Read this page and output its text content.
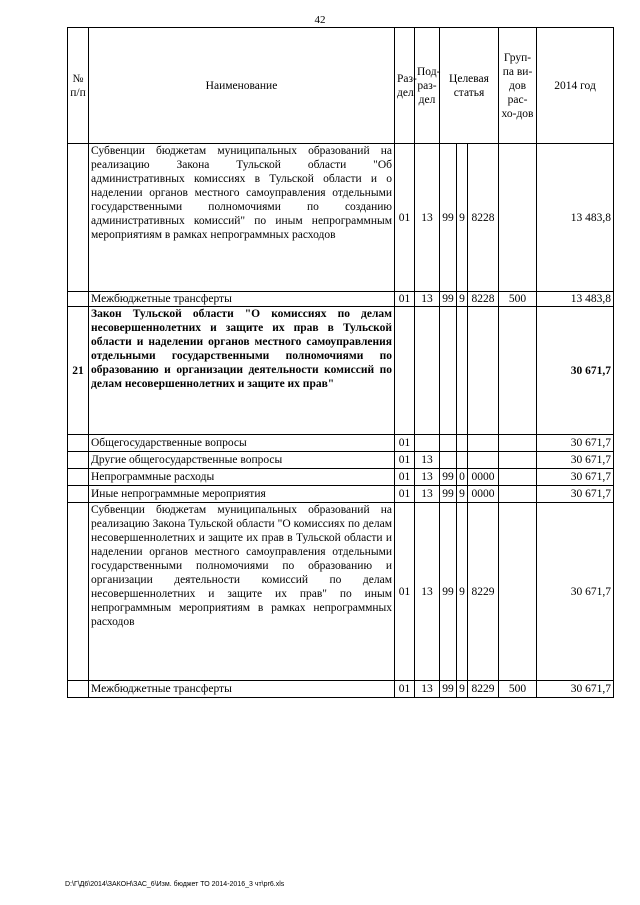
42
№ п/п	Наименование	Раз-дел	Под-раз-дел	Целевая статья			Груп-па ви-дов рас-хо-дов	2014 год
	Субвенции бюджетам муниципальных образований на реализацию Закона Тульской области "Об административных комиссиях в Тульской области и о наделении органов местного самоуправления отдельными государственными полномочиями по созданию административных комиссий" по иным непрограммным мероприятиям в рамках непрограммных расходов	01	13	99	9	8228		13 483,8
	Межбюджетные трансферты	01	13	99	9	8228	500	13 483,8
21	Закон Тульской области "О комиссиях по делам несовершеннолетних и защите их прав в Тульской области и наделении органов местного самоуправления отдельными государственными полномочиями по образованию и организации деятельности комиссий по делам несовершеннолетних и защите их прав"							30 671,7
	Общегосударственные вопросы	01						30 671,7
	Другие общегосударственные вопросы	01	13					30 671,7
	Непрограммные расходы	01	13	99	0	0000		30 671,7
	Иные непрограммные мероприятия	01	13	99	9	0000		30 671,7
	Субвенции бюджетам муниципальных образований на реализацию Закона Тульской области "О комиссиях по делам несовершеннолетних и защите их прав в Тульской области и наделении органов местного самоуправления отдельными государственными полномочиями по образованию и организации деятельности комиссий по делам несовершеннолетних и защите их прав" по иным непрограммным мероприятиям в рамках непрограммных расходов	01	13	99	9	8229		30 671,7
	Межбюджетные трансферты	01	13	99	9	8229	500	30 671,7
D:\Г\Д6\2014\ЗАКОН\ЗАС_6\Изм. бюджет ТО 2014-2016_3 чт\pr6.xls
